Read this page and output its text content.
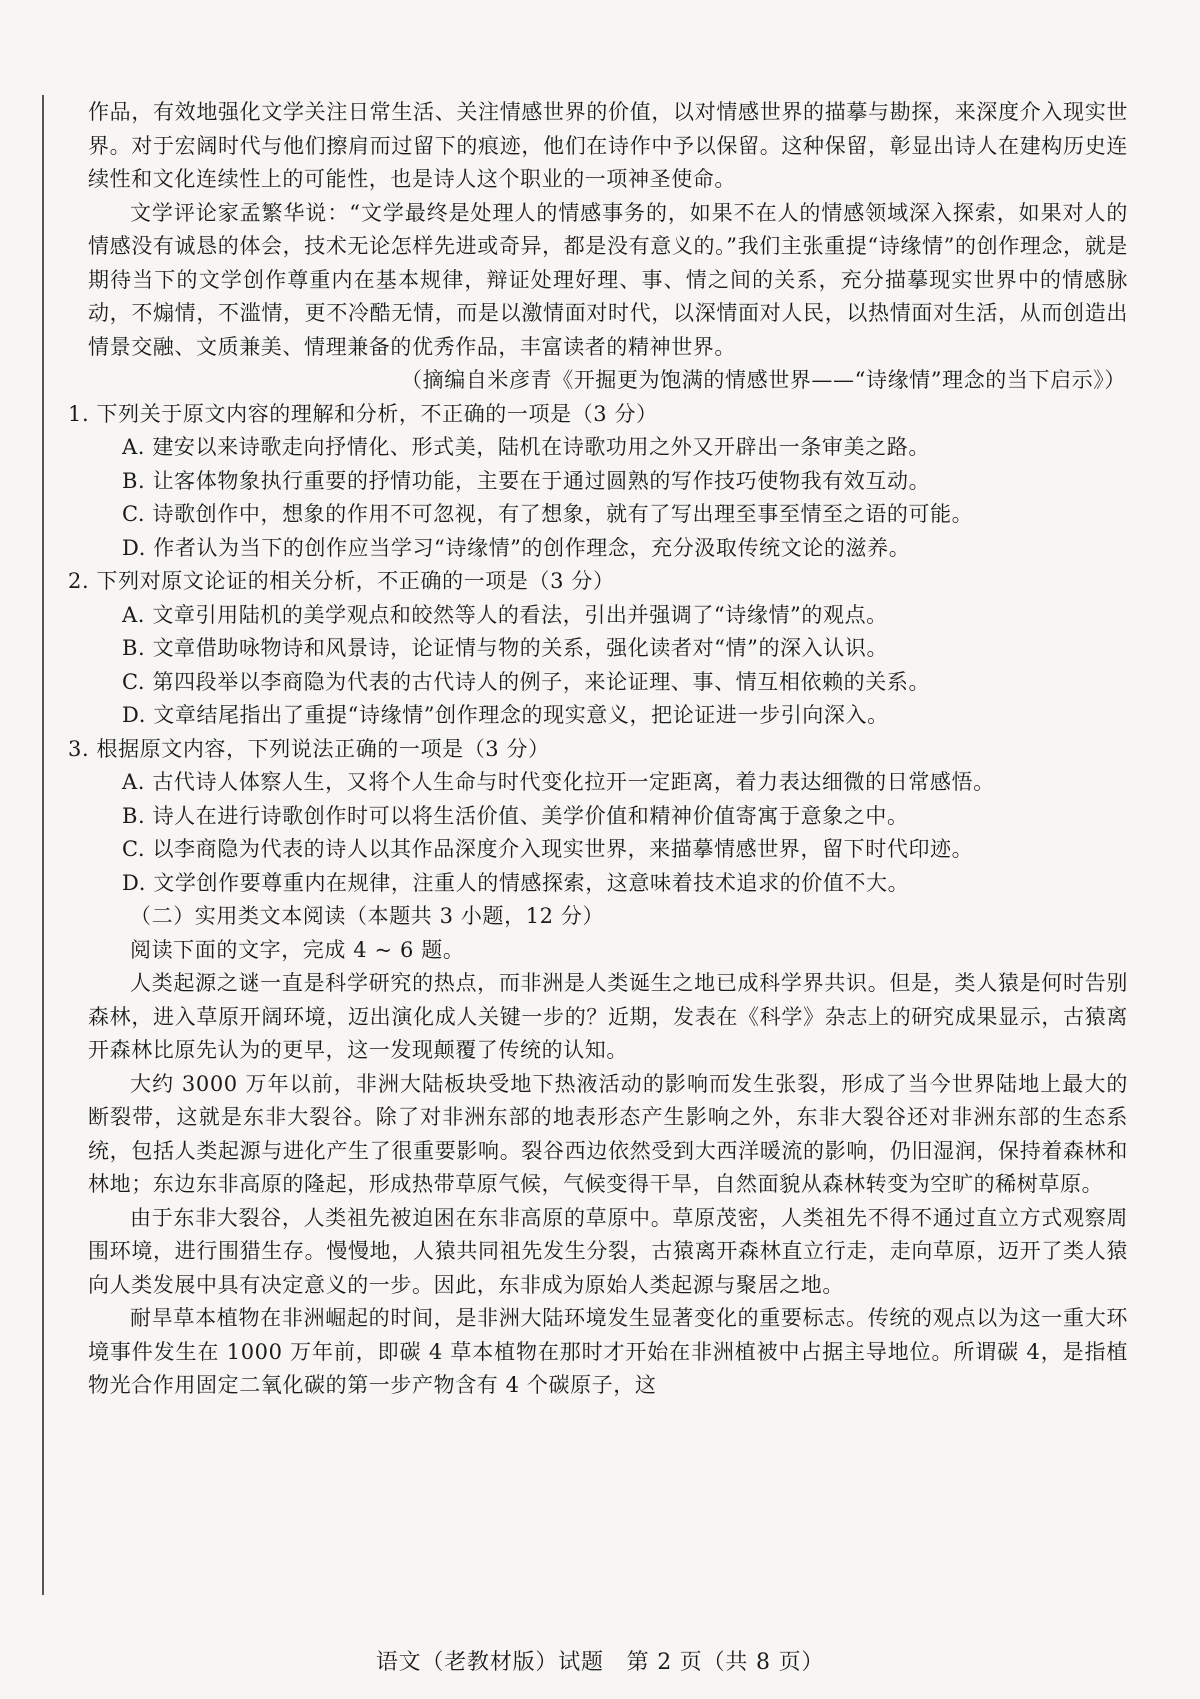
作品，有效地强化文学关注日常生活、关注情感世界的价值，以对情感世界的描摹与勘探，来深度介入现实世界。对于宏阔时代与他们擦肩而过留下的痕迹，他们在诗作中予以保留。这种保留，彰显出诗人在建构历史连续性和文化连续性上的可能性，也是诗人这个职业的一项神圣使命。

文学评论家孟繁华说：“文学最终是处理人的情感事务的，如果不在人的情感领域深入探索，如果对人的情感没有诚恳的体会，技术无论怎样先进或奇异，都是没有意义的。”我们主张重提“诗缘情”的创作理念，就是期待当下的文学创作尊重内在基本规律，辩证处理好理、事、情之间的关系，充分描摹现实世界中的情感脉动，不煽情，不滥情，更不冷酷无情，而是以激情面对时代，以深情面对人民，以热情面对生活，从而创造出情景交融、文质兼美、情理兼备的优秀作品，丰富读者的精神世界。

（摘编自米彦青《开掘更为饱满的情感世界——“诗缘情”理念的当下启示》）

1. 下列关于原文内容的理解和分析，不正确的一项是（3 分）

A. 建安以来诗歌走向抒情化、形式美，陆机在诗歌功用之外又开辟出一条审美之路。

B. 让客体物象执行重要的抒情功能，主要在于通过圆熟的写作技巧使物我有效互动。

C. 诗歌创作中，想象的作用不可忽视，有了想象，就有了写出理至事至情至之语的可能。

D. 作者认为当下的创作应当学习“诗缘情”的创作理念，充分汲取传统文论的滋养。

2. 下列对原文论证的相关分析，不正确的一项是（3 分）

A. 文章引用陆机的美学观点和皎然等人的看法，引出并强调了“诗缘情”的观点。

B. 文章借助咏物诗和风景诗，论证情与物的关系，强化读者对“情”的深入认识。

C. 第四段举以李商隐为代表的古代诗人的例子，来论证理、事、情互相依赖的关系。

D. 文章结尾指出了重提“诗缘情”创作理念的现实意义，把论证进一步引向深入。

3. 根据原文内容，下列说法正确的一项是（3 分）

A. 古代诗人体察人生，又将个人生命与时代变化拉开一定距离，着力表达细微的日常感悟。

B. 诗人在进行诗歌创作时可以将生活价值、美学价值和精神价值寄寓于意象之中。

C. 以李商隐为代表的诗人以其作品深度介入现实世界，来描摹情感世界，留下时代印迹。

D. 文学创作要尊重内在规律，注重人的情感探索，这意味着技术追求的价值不大。

（二）实用类文本阅读（本题共 3 小题，12 分）

阅读下面的文字，完成 4 ~ 6 题。

人类起源之谜一直是科学研究的热点，而非洲是人类诞生之地已成科学界共识。但是，类人猿是何时告别森林，进入草原开阔环境，迈出演化成人关键一步的？近期，发表在《科学》杂志上的研究成果显示，古猿离开森林比原先认为的更早，这一发现颠覆了传统的认知。

大约 3000 万年以前，非洲大陆板块受地下热液活动的影响而发生张裂，形成了当今世界陆地上最大的断裂带，这就是东非大裂谷。除了对非洲东部的地表形态产生影响之外，东非大裂谷还对非洲东部的生态系统，包括人类起源与进化产生了很重要影响。裂谷西边依然受到大西洋暖流的影响，仍旧湿润，保持着森林和林地；东边东非高原的隆起，形成热带草原气候，气候变得干旱，自然面貌从森林转变为空旷的稀树草原。

由于东非大裂谷，人类祖先被迫困在东非高原的草原中。草原茂密，人类祖先不得不通过直立方式观察周围环境，进行围猎生存。慢慢地，人猿共同祖先发生分裂，古猿离开森林直立行走，走向草原，迈开了类人猿向人类发展中具有决定意义的一步。因此，东非成为原始人类起源与聚居之地。

耐旱草本植物在非洲崛起的时间，是非洲大陆环境发生显著变化的重要标志。传统的观点以为这一重大环境事件发生在 1000 万年前，即碳 4 草本植物在那时才开始在非洲植被中占据主导地位。所谓碳 4，是指植物光合作用固定二氧化碳的第一步产物含有 4 个碳原子，这

语文（老教材版）试题　第 2 页（共 8 页）
